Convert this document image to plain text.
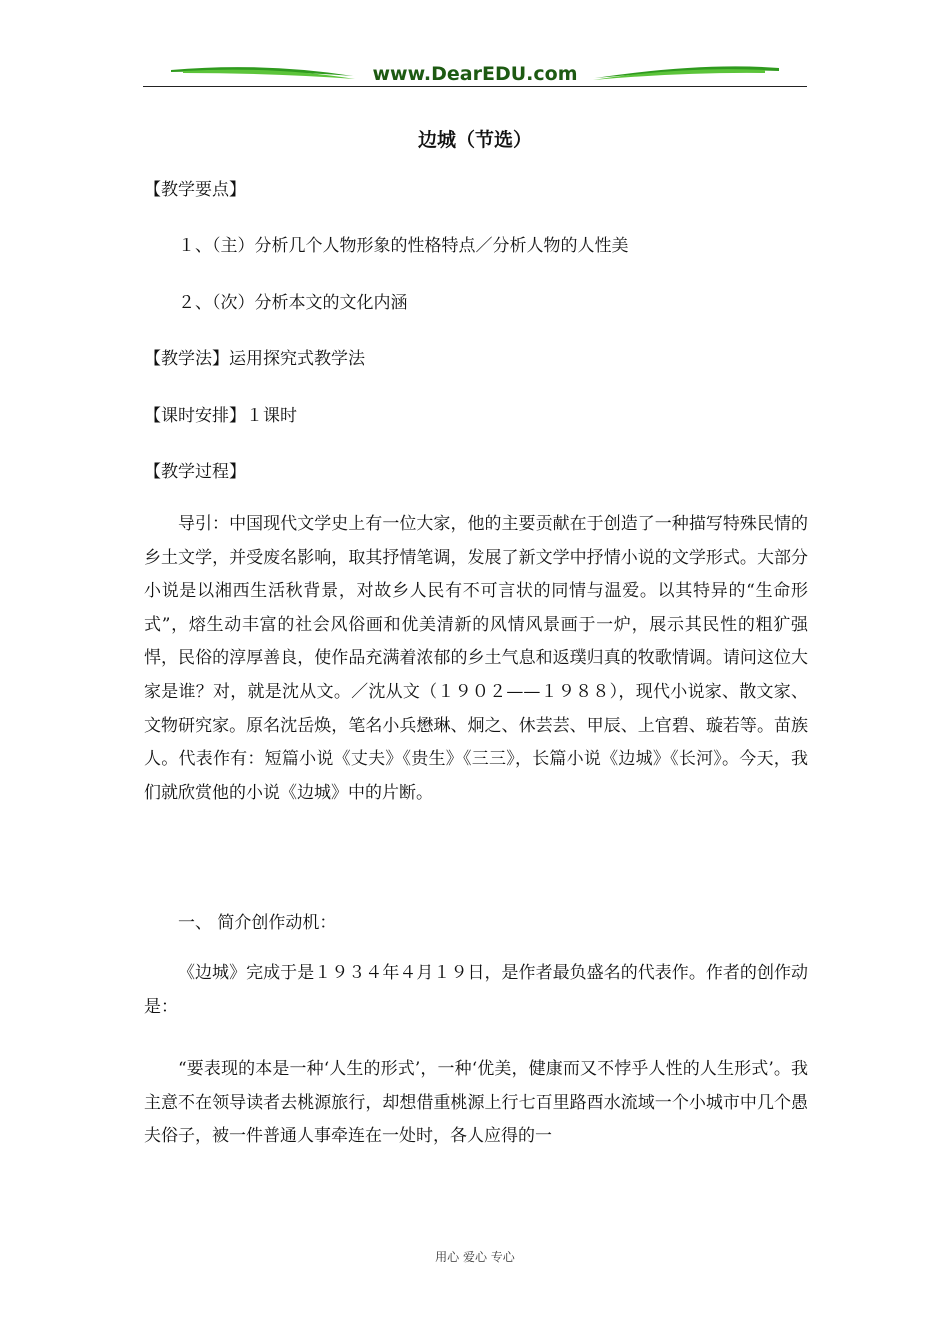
www.DearEDU.com
边城（节选）
【教学要点】
１、（主）分析几个人物形象的性格特点／分析人物的人性美
２、（次）分析本文的文化内涵
【教学法】运用探究式教学法
【课时安排】１课时
【教学过程】

导引：中国现代文学史上有一位大家，他的主要贡献在于创造了一种描写特殊民情的乡土文学，并受废名影响，取其抒情笔调，发展了新文学中抒情小说的文学形式。大部分小说是以湘西生活秋背景，对故乡人民有不可言状的同情与温爱。以其特异的“生命形式”，熔生动丰富的社会风俗画和优美清新的风情风景画于一炉，展示其民性的粗犷强悍，民俗的淳厚善良，使作品充满着浓郁的乡土气息和返璞归真的牧歌情调。请问这位大家是谁？对，就是沈从文。／沈从文（１９０２——１９８８），现代小说家、散文家、文物研究家。原名沈岳焕，笔名小兵懋琳、炯之、休芸芸、甲辰、上官碧、璇若等。苗族人。代表作有：短篇小说《丈夫》《贵生》《三三》，长篇小说《边城》《长河》。今天，我们就欣赏他的小说《边城》中的片断。

一、 简介创作动机：

《边城》完成于是１９３４年４月１９日，是作者最负盛名的代表作。作者的创作动是：

“要表现的本是一种‘人生的形式’，一种‘优美，健康而又不悖乎人性的人生形式’。我主意不在领导读者去桃源旅行，却想借重桃源上行七百里路酉水流域一个小城市中几个愚夫俗子，被一件普通人事牵连在一处时，各人应得的一

用心 爱心 专心
